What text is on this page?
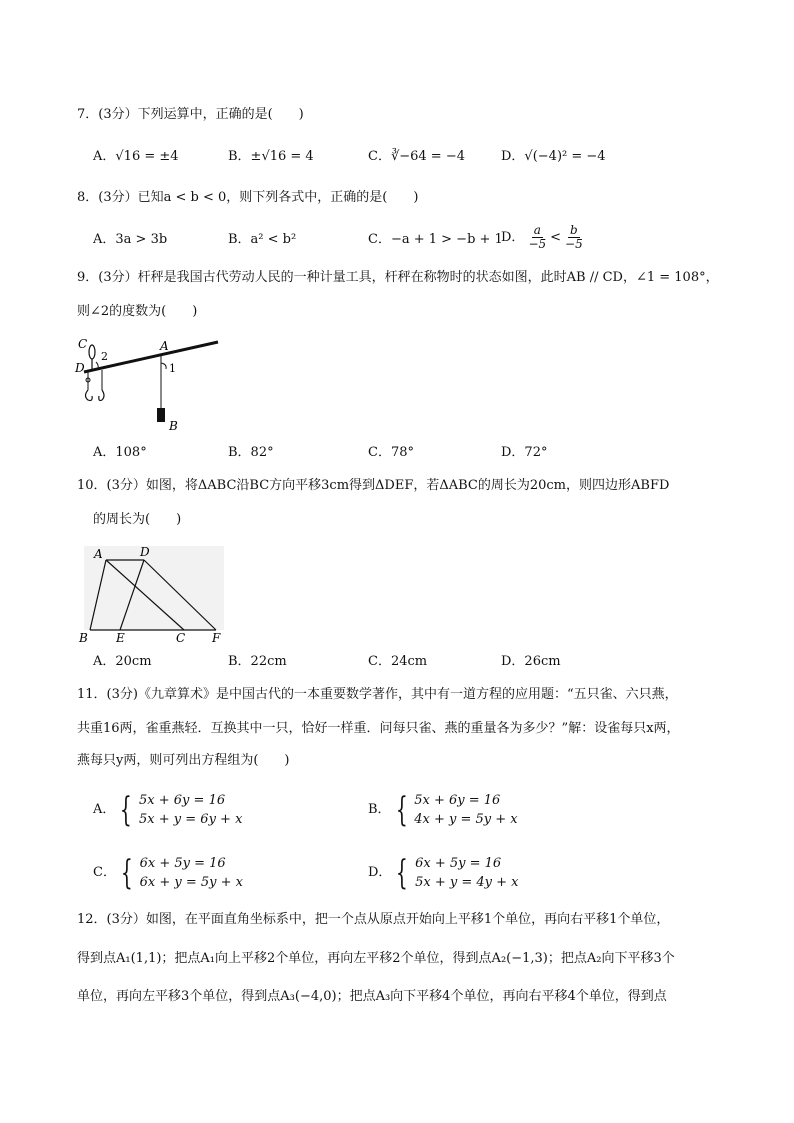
7．(3分）下列运算中，正确的是(　　)
A．√16 = ±4	B．±√16 = 4	C．∛−64 = −4	D．√(−4)² = −4
8．(3分）已知a < b < 0，则下列各式中，正确的是(　　)
A．3a > 3b	B．a² < b²	C．−a + 1 > −b + 1
D． $\frac{a}{-5} < \frac{b}{-5}$
9．(3分）杆秤是我国古代劳动人民的一种计量工具，杆秤在称物时的状态如图，此时AB // CD，∠1 = 108°，
则∠2的度数为(　　)
C
2
D
A
1
B
A．108°	B．82°	C．78°	D．72°
10．(3分）如图，将ΔABC沿BC方向平移3cm得到ΔDEF，若ΔABC的周长为20cm，则四边形ABFD
的周长为(　　)
A	D
B E	C F
A．20cm	B．22cm	C．24cm	D．26cm
11．(3分)《九章算术》是中国古代的一本重要数学著作，其中有一道方程的应用题：“五只雀、六只燕，
共重16两，雀重燕轻．互换其中一只，恰好一样重．问每只雀、燕的重量各为多少？”解：设雀每只x两，
燕每只y两，则可列出方程组为(　　)
A． { 5x + 6y = 16
5x + y = 6y + x
B． { 5x + 6y = 16
4x + y = 5y + x
C． { 6x + 5y = 16
6x + y = 5y + x
D． { 6x + 5y = 16
5x + y = 4y + x
12．(3分）如图，在平面直角坐标系中，把一个点从原点开始向上平移1个单位，再向右平移1个单位，
得到点A₁(1,1)；把点A₁向上平移2个单位，再向左平移2个单位，得到点A₂(−1,3)；把点A₂向下平移3个
单位，再向左平移3个单位，得到点A₃(−4,0)；把点A₃向下平移4个单位，再向右平移4个单位，得到点
